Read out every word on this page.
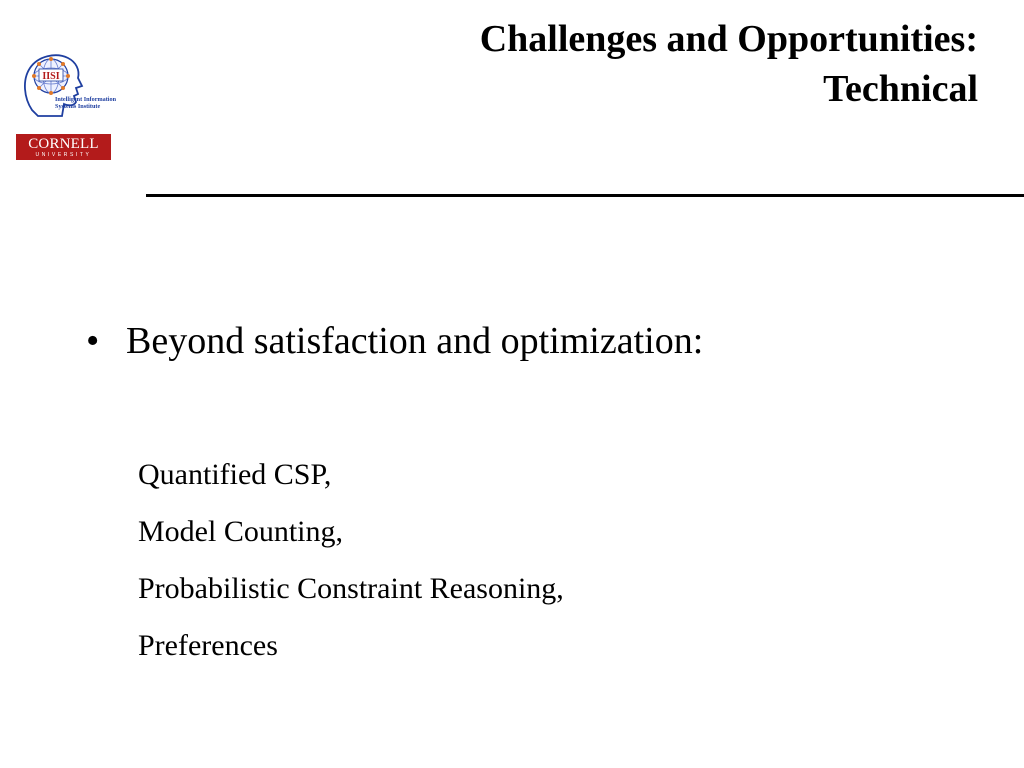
IISI
Intelligent Information
Systems Institute
CORNELL
UNIVERSITY
Challenges and Opportunities:
Technical
• Beyond satisfaction and optimization:
Quantified CSP,
Model Counting,
Probabilistic Constraint Reasoning,
Preferences
